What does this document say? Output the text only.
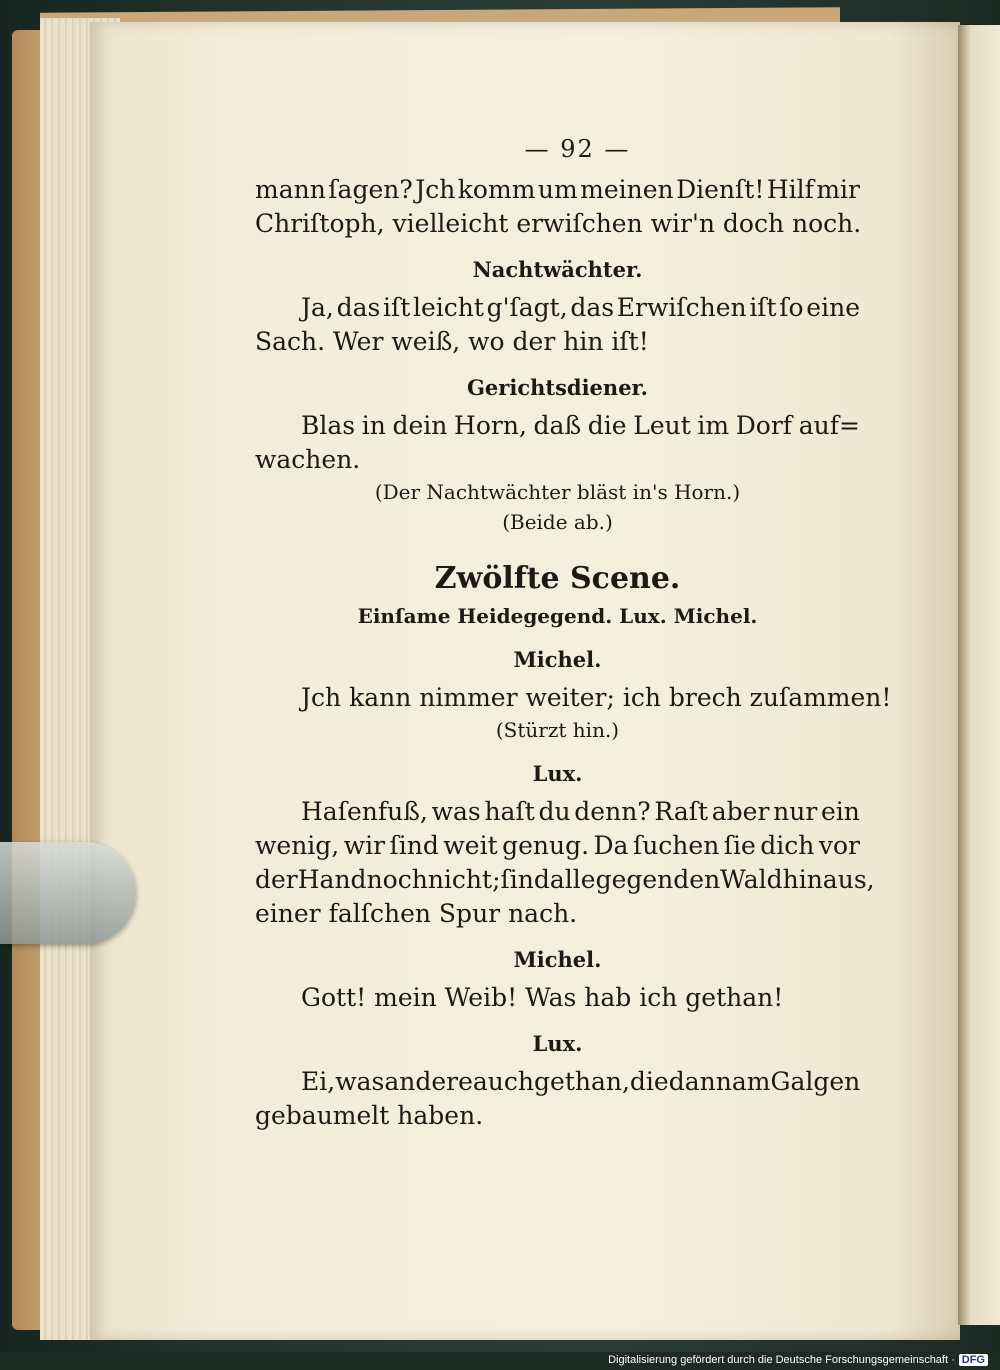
— 92 —
mann ſagen? Jch komm um meinen Dienſt! Hilf mir
Chriſtoph, vielleicht erwiſchen wir'n doch noch.
Nachtwächter.
Ja, das iſt leicht g'ſagt, das Erwiſchen iſt ſo eine
Sach. Wer weiß, wo der hin iſt!
Gerichtsdiener.
Blas in dein Horn, daß die Leut im Dorf auf=
wachen.
(Der Nachtwächter bläst in's Horn.)
(Beide ab.)
Zwölfte Scene.
Einſame Heidegegend. Lux. Michel.
Michel.
Jch kann nimmer weiter; ich brech zuſammen!
(Stürzt hin.)
Lux.
Haſenfuß, was haſt du denn? Raſt aber nur ein
wenig, wir ſind weit genug. Da ſuchen ſie dich vor
der Hand noch nicht; ſind alle gegen den Wald hinaus,
einer falſchen Spur nach.
Michel.
Gott! mein Weib! Was hab ich gethan!
Lux.
Ei, was andere auch gethan, die dann am Galgen
gebaumelt haben.
Digitalisierung gefördert durch die Deutsche Forschungsgemeinschaft · DFG
